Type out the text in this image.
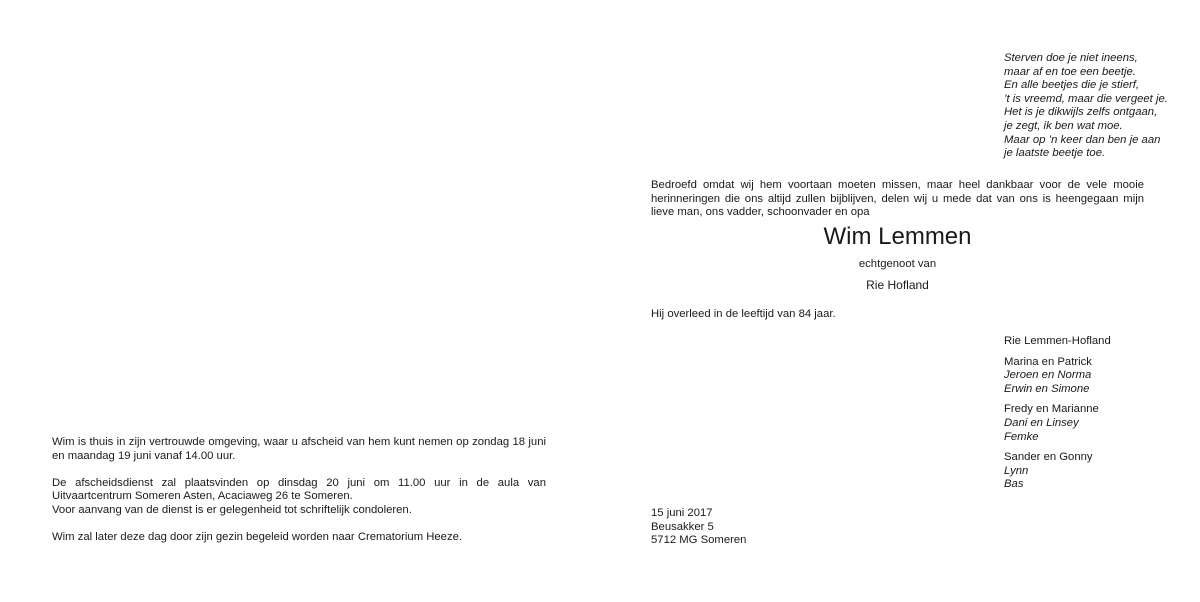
Wim is thuis in zijn vertrouwde omgeving, waar u afscheid van hem kunt nemen op zondag 18 juni en maandag 19 juni vanaf 14.00 uur.

De afscheidsdienst zal plaatsvinden op dinsdag 20 juni om 11.00 uur in de aula van Uitvaartcentrum Someren Asten, Acaciaweg 26 te Someren.

Voor aanvang van de dienst is er gelegenheid tot schriftelijk condoleren.

Wim zal later deze dag door zijn gezin begeleid worden naar Crematorium Heeze.

Sterven doe je niet ineens,

maar af en toe een beetje.

En alle beetjes die je stierf,

’t is vreemd, maar die vergeet je.

Het is je dikwijls zelfs ontgaan,

je zegt, ik ben wat moe.

Maar op ’n keer dan ben je aan

je laatste beetje toe.

Bedroefd omdat wij hem voortaan moeten missen, maar heel dankbaar voor de vele mooie herinneringen die ons altijd zullen bijblijven, delen wij u mede dat van ons is heengegaan mijn lieve man, ons vadder, schoonvader en opa

Wim Lemmen

echtgenoot van

Rie Hofland

Hij overleed in de leeftijd van 84 jaar.

Rie Lemmen-Hofland

Marina en Patrick

Jeroen en Norma

Erwin en Simone

Fredy en Marianne

Dani en Linsey

Femke

Sander en Gonny

Lynn

Bas

15 juni 2017

Beusakker 5

5712 MG Someren
